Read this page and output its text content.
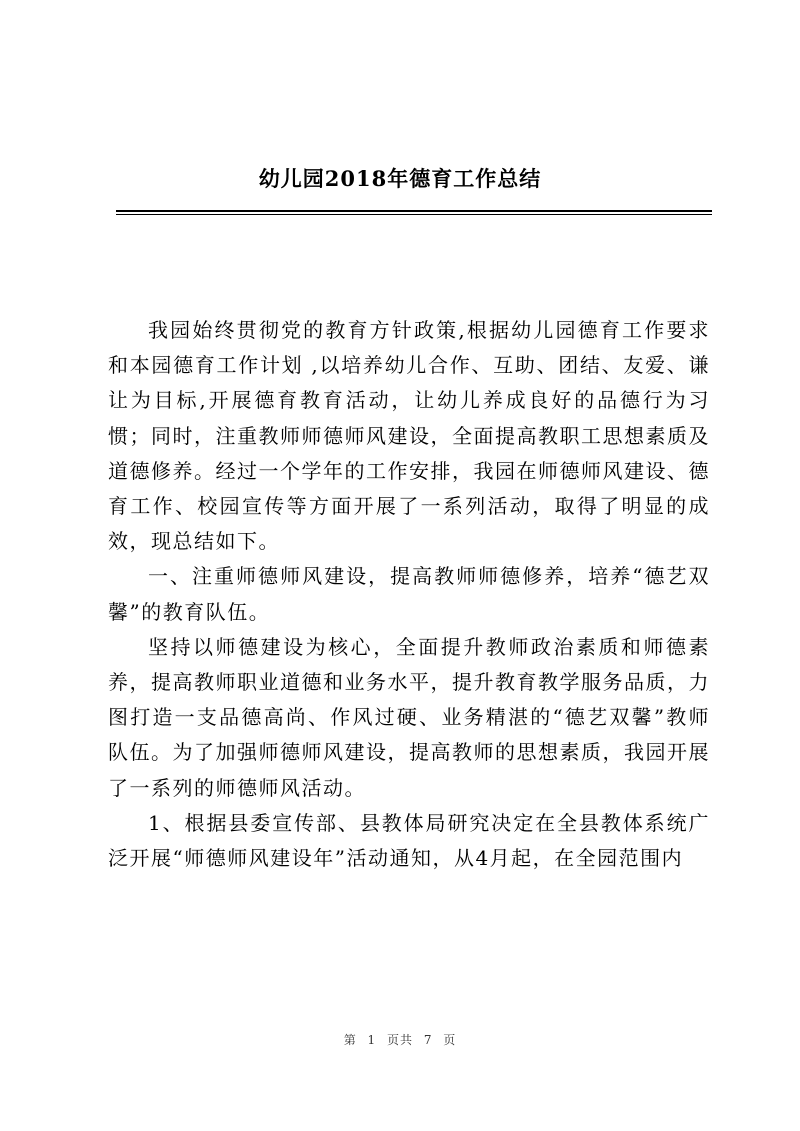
幼儿园2018年德育工作总结

我园始终贯彻党的教育方针政策,根据幼儿园德育工作要求和本园德育工作计划 ,以培养幼儿合作、互助、团结、友爱、谦让为目标,开展德育教育活动，让幼儿养成良好的品德行为习惯；同时，注重教师师德师风建设，全面提高教职工思想素质及道德修养。经过一个学年的工作安排，我园在师德师风建设、德育工作、校园宣传等方面开展了一系列活动，取得了明显的成效，现总结如下。

一、注重师德师风建设，提高教师师德修养，培养“德艺双馨”的教育队伍。

坚持以师德建设为核心，全面提升教师政治素质和师德素养，提高教师职业道德和业务水平，提升教育教学服务品质，力图打造一支品德高尚、作风过硬、业务精湛的“德艺双馨”教师队伍。为了加强师德师风建设，提高教师的思想素质，我园开展了一系列的师德师风活动。

1、根据县委宣传部、县教体局研究决定在全县教体系统广泛开展“师德师风建设年”活动通知，从4月起，在全园范围内

第 1 页共 7 页
